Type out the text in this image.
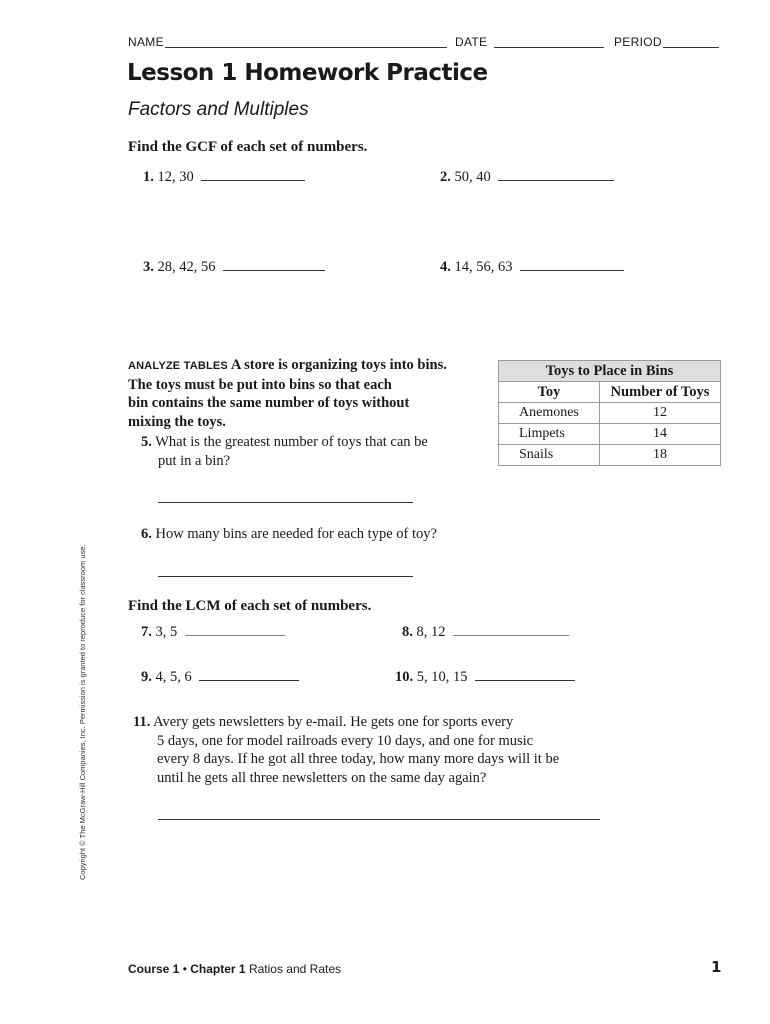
NAME	DATE	PERIOD
Lesson 1 Homework Practice
Factors and Multiples
Find the GCF of each set of numbers.
1. 12, 30	2. 50, 40
3. 28, 42, 56	4. 14, 56, 63
ANALYZE TABLES A store is organizing toys into bins.
The toys must be put into bins so that each
bin contains the same number of toys without
mixing the toys.
Toys to Place in Bins	
Toy	Number of Toys
Anemones	12
Limpets	14
Snails	18
5. What is the greatest number of toys that can be
put in a bin?
6. How many bins are needed for each type of toy?
Find the LCM of each set of numbers.
7. 3, 5	8. 8, 12
9. 4, 5, 6	10. 5, 10, 15
11. Avery gets newsletters by e-mail. He gets one for sports every
5 days, one for model railroads every 10 days, and one for music
every 8 days. If he got all three today, how many more days will it be
until he gets all three newsletters on the same day again?
Copyright © The McGraw-Hill Companies, Inc. Permission is granted to reproduce for classroom use.
Course 1 • Chapter 1 Ratios and Rates	1
